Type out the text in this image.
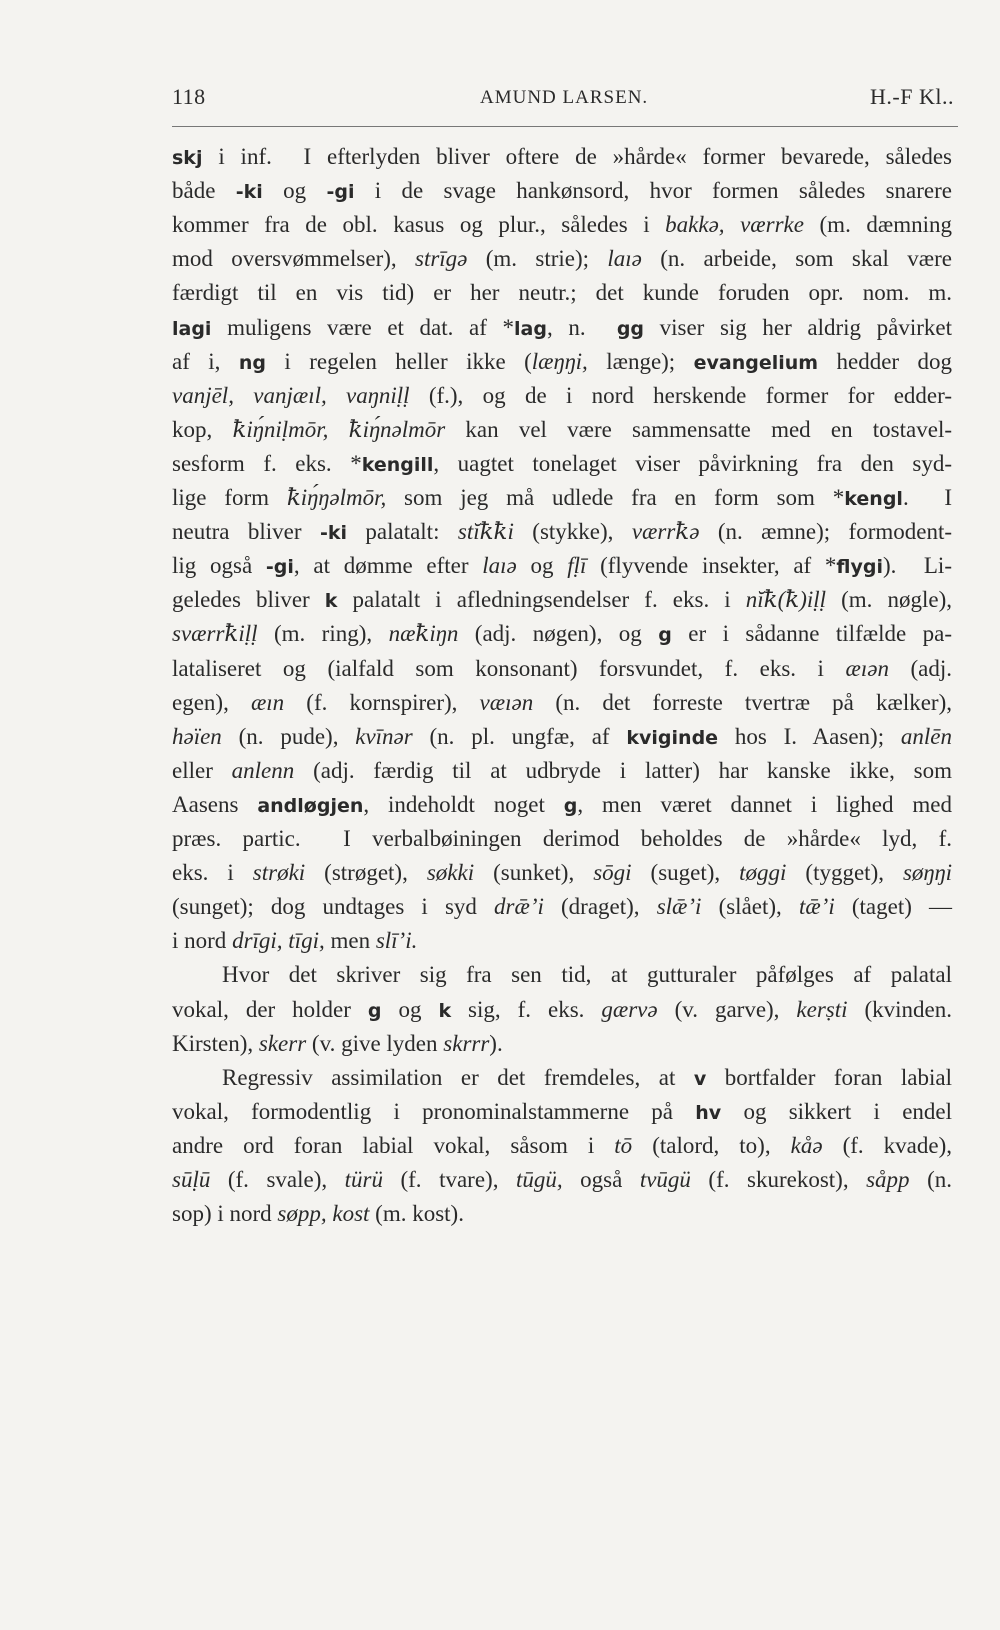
118	AMUND LARSEN.	H.-F Kl..
skj i inf.  I efterlyden bliver oftere de »hårde« former bevarede, således
både -ki og -gi i de svage hankønsord, hvor formen således snarere
kommer fra de obl. kasus og plur., således i bakkə, værrke (m. dæmning
mod oversvømmelser), strīgə (m. strie); laıə (n. arbeide, som skal være
færdigt til en vis tid) er her neutr.; det kunde foruden opr. nom. m.
lagi muligens være et dat. af *lag, n.  gg viser sig her aldrig påvirket
af i, ng i regelen heller ikke (læŋŋi, længe); evangelium hedder dog
vanjēl, vanjæıl, vaŋniḷḷ (f.), og de i nord herskende former for edder-
kop, ꝁiŋ́niḷmōr, ꝁiŋ́nəlmōr kan vel være sammensatte med en tostavel-
sesform f. eks. *kengill, uagtet tonelaget viser påvirkning fra den syd-
lige form ꝁiŋ́ŋəlmōr, som jeg må udlede fra en form som *kengl.  I
neutra bliver -ki palatalt: stĭꝁꝁi (stykke), værrꝁə (n. æmne); formodent-
lig også -gi, at dømme efter laıə og fḷī (flyvende insekter, af *flygi).  Li-
geledes bliver k palatalt i afledningsendelser f. eks. i nĭꝁ(ꝁ)iḷḷ (m. nøgle),
sværrꝁiḷḷ (m. ring), næꝁiŋn (adj. nøgen), og g er i sådanne tilfælde pa-
lataliseret og (ialfald som konsonant) forsvundet, f. eks. i æıən (adj.
egen), æın (f. kornspirer), væıən (n. det forreste tvertræ på kælker),
həïen (n. pude), kvīnər (n. pl. ungfæ, af kviginde hos I. Aasen); anlēn
eller anlenn (adj. færdig til at udbryde i latter) har kanske ikke, som
Aasens andløgjen, indeholdt noget g, men været dannet i lighed med
præs. partic.  I verbalbøiningen derimod beholdes de »hårde« lyd, f.
eks. i strøki (strøget), søkki (sunket), sōgi (suget), tøggi (tygget), søŋŋi
(sunget); dog undtages i syd drǣ’i (draget), slǣ’i (slået), tǣ’i (taget) —
i nord drīgi, tīgi, men slī’i.
Hvor det skriver sig fra sen tid, at gutturaler påfølges af palatal
vokal, der holder g og k sig, f. eks. gærvə (v. garve), kerṣti (kvinden.
Kirsten), skerr (v. give lyden skrrr).
Regressiv assimilation er det fremdeles, at v bortfalder foran labial
vokal, formodentlig i pronominalstammerne på hv og sikkert i endel
andre ord foran labial vokal, såsom i tō (talord, to), kåə (f. kvade),
sūḷū (f. svale), türü (f. tvare), tūgü, også tvūgü (f. skurekost), såpp (n.
sop) i nord søpp, kost (m. kost).
